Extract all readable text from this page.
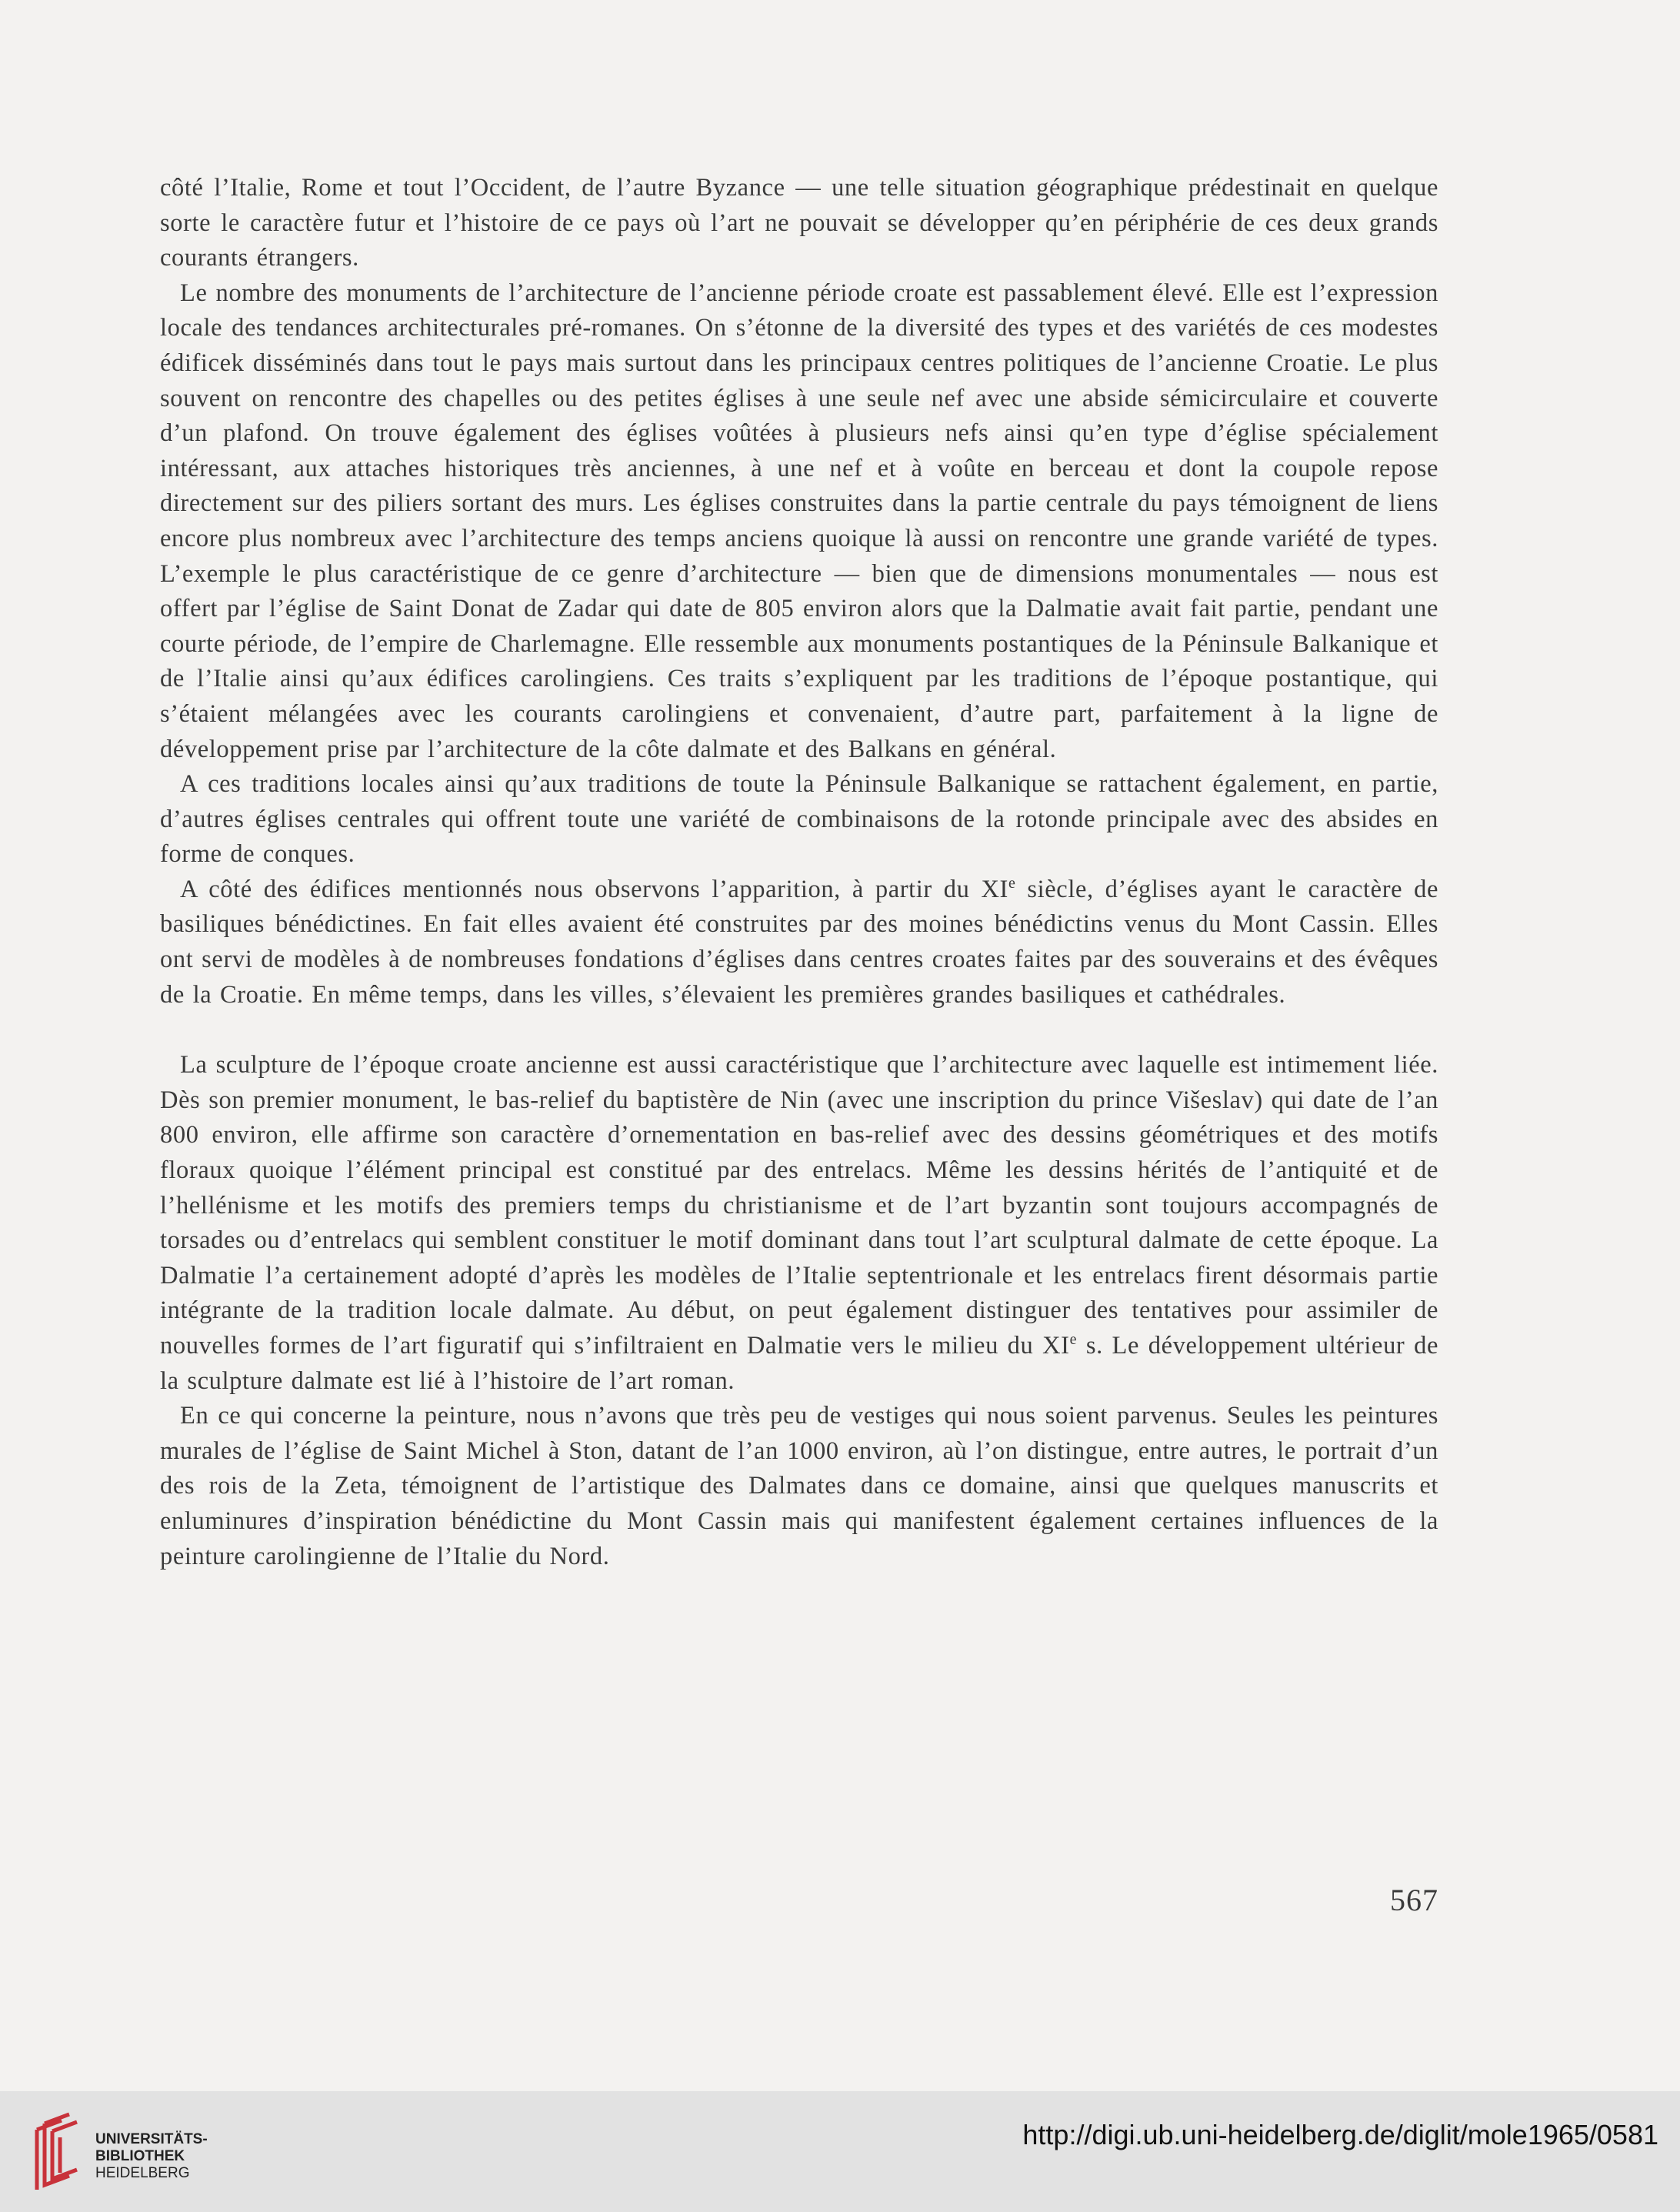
côté l’Italie, Rome et tout l’Occident, de l’autre Byzance — une telle situation géographique prédestinait en quelque sorte le caractère futur et l’histoire de ce pays où l’art ne pouvait se développer qu’en périphérie de ces deux grands courants étrangers.

Le nombre des monuments de l’architecture de l’ancienne période croate est passablement élevé. Elle est l’expression locale des tendances architecturales pré-romanes. On s’étonne de la diversité des types et des variétés de ces modestes édificek disséminés dans tout le pays mais surtout dans les principaux centres politiques de l’ancienne Croatie. Le plus souvent on rencontre des chapelles ou des petites églises à une seule nef avec une abside sémicirculaire et couverte d’un plafond. On trouve également des églises voûtées à plusieurs nefs ainsi qu’en type d’église spécialement intéressant, aux attaches historiques très anciennes, à une nef et à voûte en berceau et dont la coupole repose directement sur des piliers sortant des murs. Les églises construites dans la partie centrale du pays témoignent de liens encore plus nombreux avec l’architecture des temps anciens quoique là aussi on rencontre une grande variété de types. L’exemple le plus caractéristique de ce genre d’architecture — bien que de dimensions monumentales — nous est offert par l’église de Saint Donat de Zadar qui date de 805 environ alors que la Dalmatie avait fait partie, pendant une courte période, de l’empire de Charlemagne. Elle ressemble aux monuments postantiques de la Péninsule Balkanique et de l’Italie ainsi qu’aux édifices carolingiens. Ces traits s’expliquent par les traditions de l’époque postantique, qui s’étaient mélangées avec les courants carolingiens et convenaient, d’autre part, parfaitement à la ligne de développement prise par l’architecture de la côte dalmate et des Balkans en général.

A ces traditions locales ainsi qu’aux traditions de toute la Péninsule Balkanique se rattachent également, en partie, d’autres églises centrales qui offrent toute une variété de combinaisons de la rotonde principale avec des absides en forme de conques.

A côté des édifices mentionnés nous observons l’apparition, à partir du XIe siècle, d’églises ayant le caractère de basiliques bénédictines. En fait elles avaient été construites par des moines bénédictins venus du Mont Cassin. Elles ont servi de modèles à de nombreuses fondations d’églises dans centres croates faites par des souverains et des évêques de la Croatie. En même temps, dans les villes, s’élevaient les premières grandes basiliques et cathédrales.

La sculpture de l’époque croate ancienne est aussi caractéristique que l’architecture avec laquelle est intimement liée. Dès son premier monument, le bas-relief du baptistère de Nin (avec une inscription du prince Višeslav) qui date de l’an 800 environ, elle affirme son caractère d’ornementation en bas-relief avec des dessins géométriques et des motifs floraux quoique l’élément principal est constitué par des entrelacs. Même les dessins hérités de l’antiquité et de l’hellénisme et les motifs des premiers temps du christianisme et de l’art byzantin sont toujours accompagnés de torsades ou d’entrelacs qui semblent constituer le motif dominant dans tout l’art sculptural dalmate de cette époque. La Dalmatie l’a certainement adopté d’après les modèles de l’Italie septentrionale et les entrelacs firent désormais partie intégrante de la tradition locale dalmate. Au début, on peut également distinguer des tentatives pour assimiler de nouvelles formes de l’art figuratif qui s’infiltraient en Dalmatie vers le milieu du XIe s. Le développement ultérieur de la sculpture dalmate est lié à l’histoire de l’art roman.

En ce qui concerne la peinture, nous n’avons que très peu de vestiges qui nous soient parvenus. Seules les peintures murales de l’église de Saint Michel à Ston, datant de l’an 1000 environ, aù l’on distingue, entre autres, le portrait d’un des rois de la Zeta, témoignent de l’artistique des Dalmates dans ce domaine, ainsi que quelques manuscrits et enluminures d’inspiration bénédictine du Mont Cassin mais qui manifestent également certaines influences de la peinture carolingienne de l’Italie du Nord.

567
UNIVERSITÄTS-
BIBLIOTHEK
HEIDELBERG
http://digi.ub.uni-heidelberg.de/diglit/mole1965/0581
